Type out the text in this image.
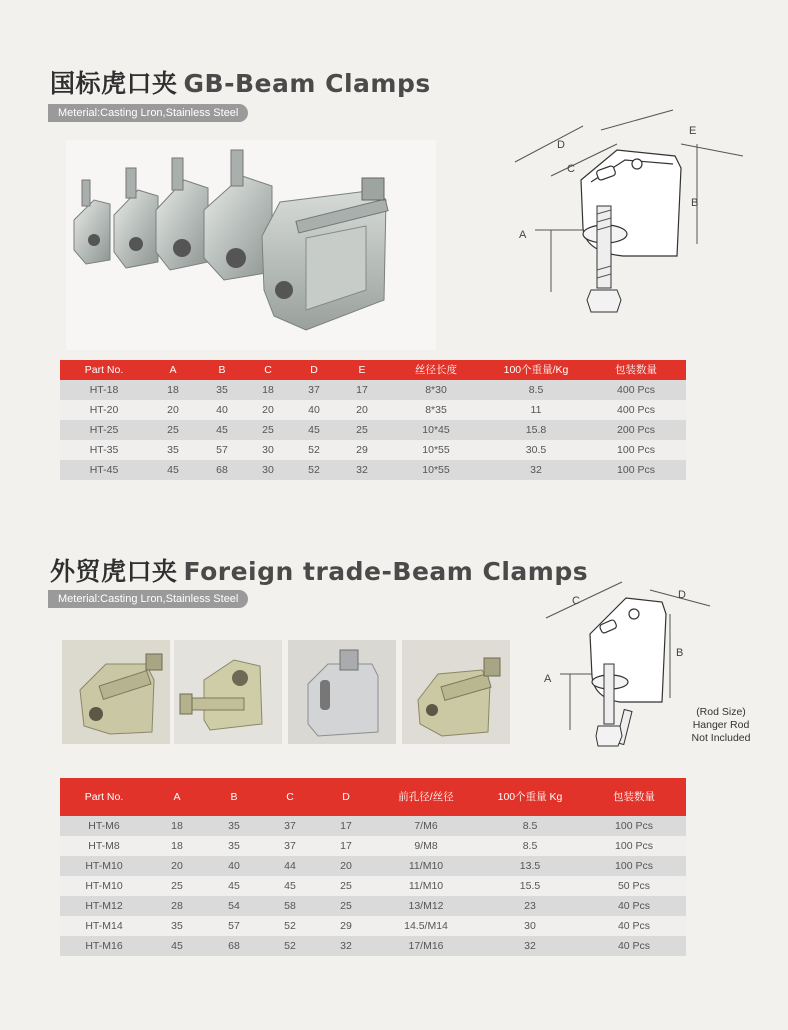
国标虎口夹 GB-Beam Clamps
Meterial:Casting Lron,Stainless Steel
D
C
E
B
A
Part No.	A	B	C	D	E	丝径长度	100个重量/Kg	包装数量
HT-18	18	35	18	37	17	8*30	8.5	400 Pcs
HT-20	20	40	20	40	20	8*35	11	400 Pcs
HT-25	25	45	25	45	25	10*45	15.8	200 Pcs
HT-35	35	57	30	52	29	10*55	30.5	100 Pcs
HT-45	45	68	30	52	32	10*55	32	100 Pcs
外贸虎口夹 Foreign trade-Beam Clamps
Meterial:Casting Lron,Stainless Steel	C	D
B
A
(Rod Size)
Hanger Rod
Not Included
Part No.	A	B	C	D	前孔径/丝径	100个重量 Kg	包装数量
HT-M6	18	35	37	17	7/M6	8.5	100 Pcs
HT-M8	18	35	37	17	9/M8	8.5	100 Pcs
HT-M10	20	40	44	20	11/M10	13.5	100 Pcs
HT-M10	25	45	45	25	11/M10	15.5	50 Pcs
HT-M12	28	54	58	25	13/M12	23	40 Pcs
HT-M14	35	57	52	29	14.5/M14	30	40 Pcs
HT-M16	45	68	52	32	17/M16	32	40 Pcs
